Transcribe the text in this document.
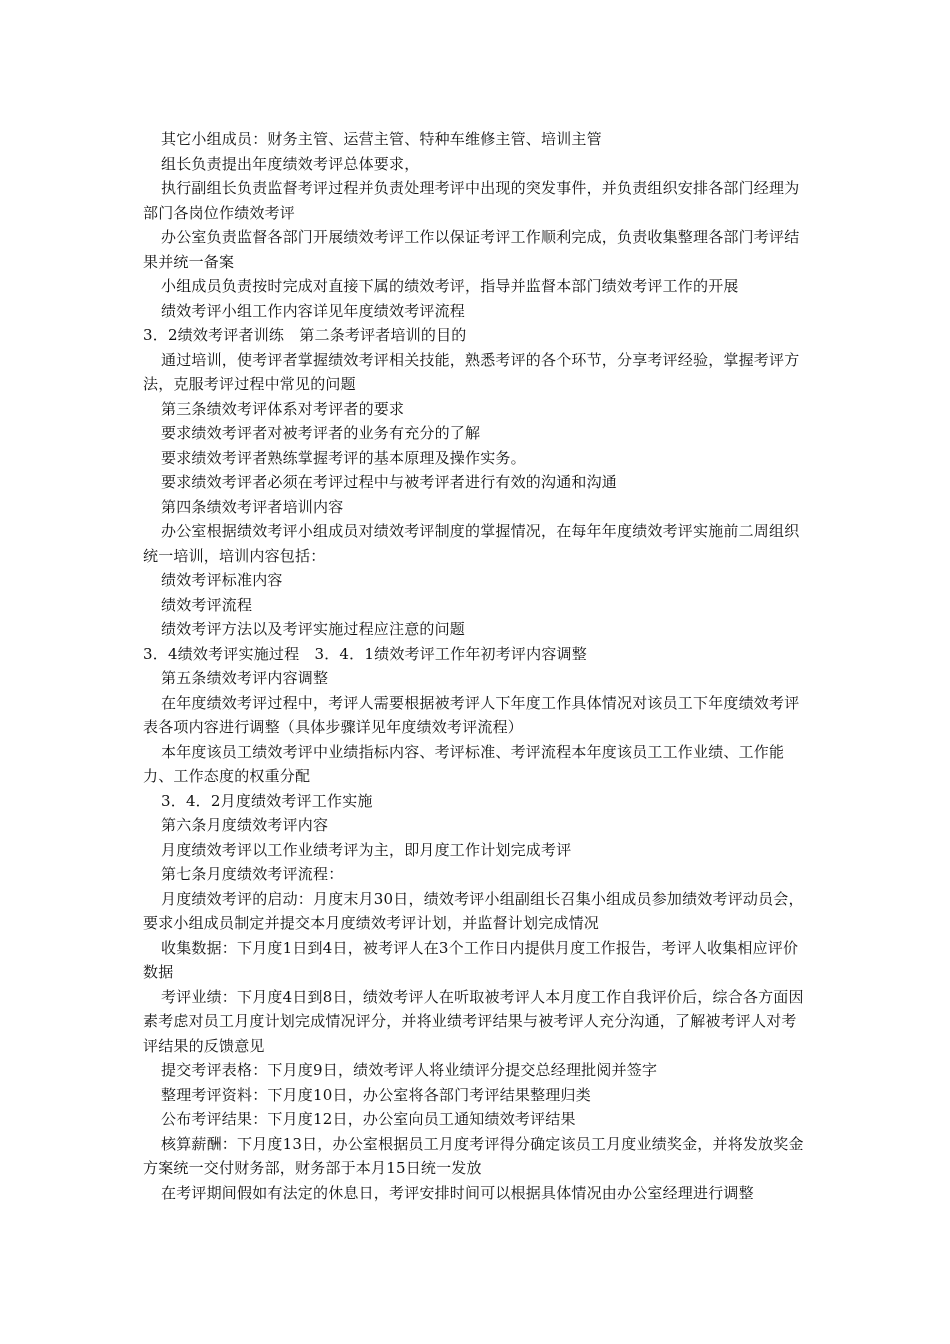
其它小组成员：财务主管、运营主管、特种车维修主管、培训主管

组长负责提出年度绩效考评总体要求，

执行副组长负责监督考评过程并负责处理考评中出现的突发事件，并负责组织安排各部门经理为部门各岗位作绩效考评

办公室负责监督各部门开展绩效考评工作以保证考评工作顺利完成，负责收集整理各部门考评结果并统一备案

小组成员负责按时完成对直接下属的绩效考评，指导并监督本部门绩效考评工作的开展

绩效考评小组工作内容详见年度绩效考评流程

3．2绩效考评者训练　第二条考评者培训的目的

通过培训，使考评者掌握绩效考评相关技能，熟悉考评的各个环节，分享考评经验，掌握考评方法，克服考评过程中常见的问题

第三条绩效考评体系对考评者的要求

要求绩效考评者对被考评者的业务有充分的了解

要求绩效考评者熟练掌握考评的基本原理及操作实务。

要求绩效考评者必须在考评过程中与被考评者进行有效的沟通和沟通

第四条绩效考评者培训内容

办公室根据绩效考评小组成员对绩效考评制度的掌握情况，在每年年度绩效考评实施前二周组织统一培训，培训内容包括：

绩效考评标准内容

绩效考评流程

绩效考评方法以及考评实施过程应注意的问题

3．4绩效考评实施过程　3．4．1绩效考评工作年初考评内容调整

第五条绩效考评内容调整

在年度绩效考评过程中，考评人需要根据被考评人下年度工作具体情况对该员工下年度绩效考评表各项内容进行调整（具体步骤详见年度绩效考评流程）

本年度该员工绩效考评中业绩指标内容、考评标准、考评流程本年度该员工工作业绩、工作能力、工作态度的权重分配

3．4．2月度绩效考评工作实施

第六条月度绩效考评内容

月度绩效考评以工作业绩考评为主，即月度工作计划完成考评

第七条月度绩效考评流程：

月度绩效考评的启动：月度末月30日，绩效考评小组副组长召集小组成员参加绩效考评动员会，要求小组成员制定并提交本月度绩效考评计划，并监督计划完成情况

收集数据：下月度1日到4日，被考评人在3个工作日内提供月度工作报告，考评人收集相应评价数据

考评业绩：下月度4日到8日，绩效考评人在听取被考评人本月度工作自我评价后，综合各方面因素考虑对员工月度计划完成情况评分，并将业绩考评结果与被考评人充分沟通，了解被考评人对考评结果的反馈意见

提交考评表格：下月度9日，绩效考评人将业绩评分提交总经理批阅并签字

整理考评资料：下月度10日，办公室将各部门考评结果整理归类

公布考评结果：下月度12日，办公室向员工通知绩效考评结果

核算薪酬：下月度13日，办公室根据员工月度考评得分确定该员工月度业绩奖金，并将发放奖金方案统一交付财务部，财务部于本月15日统一发放

在考评期间假如有法定的休息日，考评安排时间可以根据具体情况由办公室经理进行调整
